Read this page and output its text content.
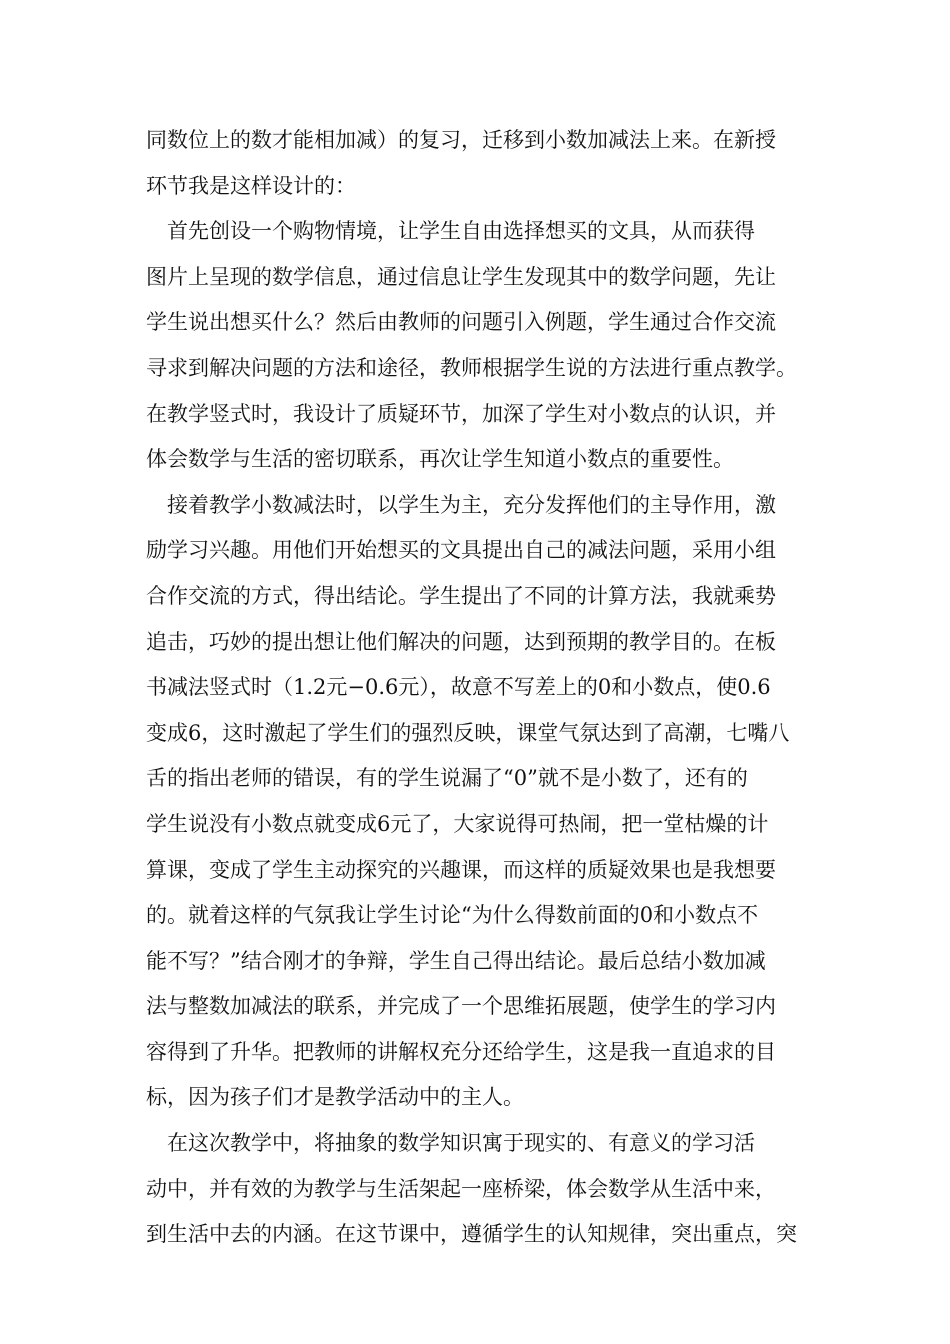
同数位上的数才能相加减）的复习，迁移到小数加减法上来。在新授
环节我是这样设计的：
　首先创设一个购物情境，让学生自由选择想买的文具，从而获得
图片上呈现的数学信息，通过信息让学生发现其中的数学问题，先让
学生说出想买什么？然后由教师的问题引入例题，学生通过合作交流
寻求到解决问题的方法和途径，教师根据学生说的方法进行重点教学。
在教学竖式时，我设计了质疑环节，加深了学生对小数点的认识，并
体会数学与生活的密切联系，再次让学生知道小数点的重要性。
　接着教学小数减法时，以学生为主，充分发挥他们的主导作用，激
励学习兴趣。用他们开始想买的文具提出自己的减法问题，采用小组
合作交流的方式，得出结论。学生提出了不同的计算方法，我就乘势
追击，巧妙的提出想让他们解决的问题，达到预期的教学目的。在板
书减法竖式时（1.2元−0.6元），故意不写差上的0和小数点，使0.6
变成6，这时激起了学生们的强烈反映，课堂气氛达到了高潮，七嘴八
舌的指出老师的错误，有的学生说漏了“0”就不是小数了，还有的
学生说没有小数点就变成6元了，大家说得可热闹，把一堂枯燥的计
算课，变成了学生主动探究的兴趣课，而这样的质疑效果也是我想要
的。就着这样的气氛我让学生讨论“为什么得数前面的0和小数点不
能不写？”结合刚才的争辩，学生自己得出结论。最后总结小数加减
法与整数加减法的联系，并完成了一个思维拓展题，使学生的学习内
容得到了升华。把教师的讲解权充分还给学生，这是我一直追求的目
标，因为孩子们才是教学活动中的主人。
　在这次教学中，将抽象的数学知识寓于现实的、有意义的学习活
动中，并有效的为教学与生活架起一座桥梁，体会数学从生活中来，
到生活中去的内涵。在这节课中，遵循学生的认知规律，突出重点，突
